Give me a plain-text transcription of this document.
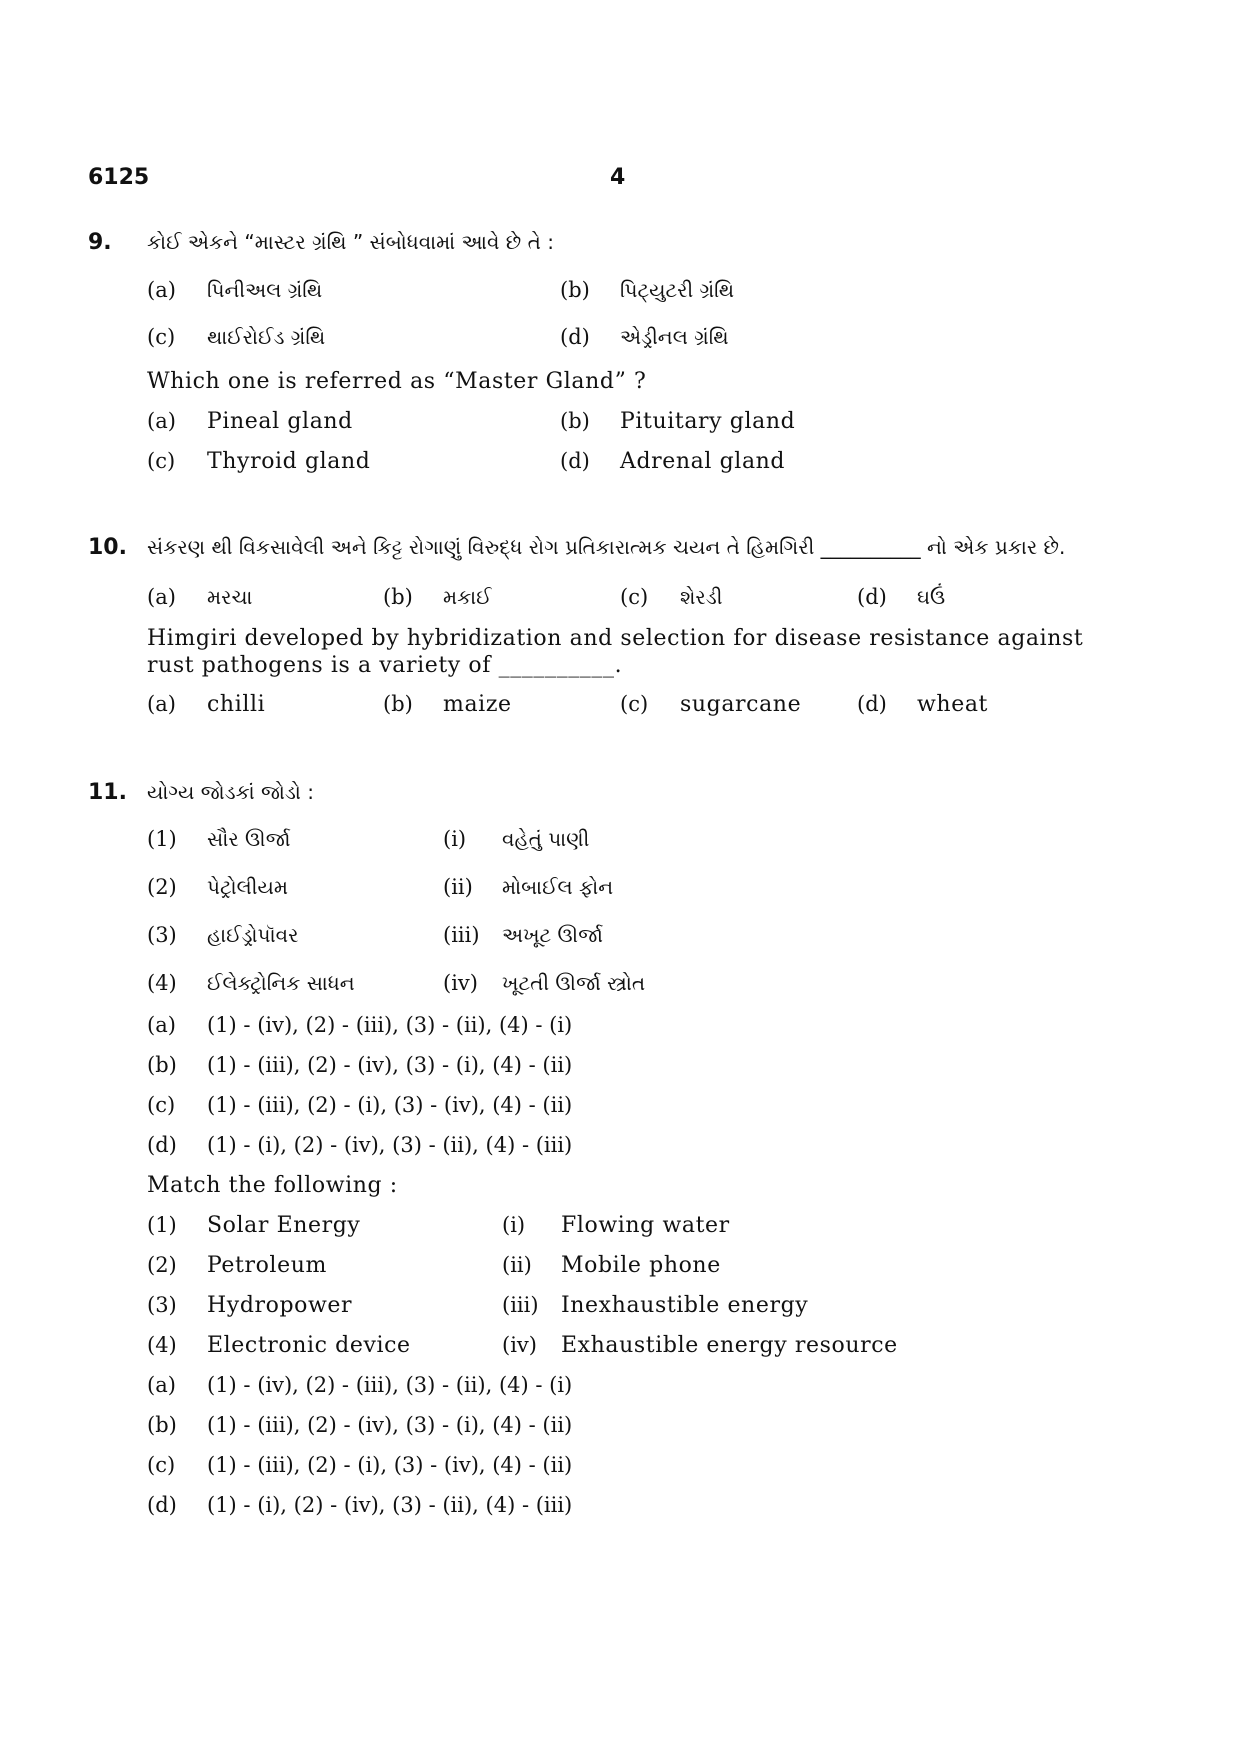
6125	4
9. કોઈ એકને “માસ્ટર ગ્રંથિ ” સંબોધવામાં આવે છે તે :
(a) પિનીઅલ ગ્રંથિ	(b) પિટ્યુટરી ગ્રંથિ
(c) થાઈરોઈડ ગ્રંથિ	(d) એડ્રીનલ ગ્રંથિ
Which one is referred as “Master Gland” ?
(a) Pineal gland	(b) Pituitary gland
(c) Thyroid gland	(d) Adrenal gland
10. સંકરણ થી વિકસાવેલી અને કિટ્ટ રોગાણું વિરુદ્ધ રોગ પ્રતિકારાત્મક ચયન તે હિમગિરી __________ નો એક પ્રકાર છે.
(a) મરચા	(b) મકાઈ	(c) શેરડી	(d) ઘઉં
Himgiri developed by hybridization and selection for disease resistance against rust pathogens is a variety of __________.
(a) chilli	(b) maize	(c) sugarcane	(d) wheat
11. યોગ્ય જોડકાં જોડો :
(1) સૌર ઊર્જા	(i) વહેતું પાણી
(2) પેટ્રોલીયમ	(ii) મોબાઈલ ફોન
(3) હાઈડ્રોપૉવર	(iii) અખૂટ ઊર્જા
(4) ઈલેક્ટ્રોનિક સાધન	(iv) ખૂટતી ઊર્જા સ્ત્રોત
(a) (1) - (iv), (2) - (iii), (3) - (ii), (4) - (i)
(b) (1) - (iii), (2) - (iv), (3) - (i), (4) - (ii)
(c) (1) - (iii), (2) - (i), (3) - (iv), (4) - (ii)
(d) (1) - (i), (2) - (iv), (3) - (ii), (4) - (iii)
Match the following :
(1) Solar Energy	(i) Flowing water
(2) Petroleum	(ii) Mobile phone
(3) Hydropower	(iii) Inexhaustible energy
(4) Electronic device	(iv) Exhaustible energy resource
(a) (1) - (iv), (2) - (iii), (3) - (ii), (4) - (i)
(b) (1) - (iii), (2) - (iv), (3) - (i), (4) - (ii)
(c) (1) - (iii), (2) - (i), (3) - (iv), (4) - (ii)
(d) (1) - (i), (2) - (iv), (3) - (ii), (4) - (iii)
